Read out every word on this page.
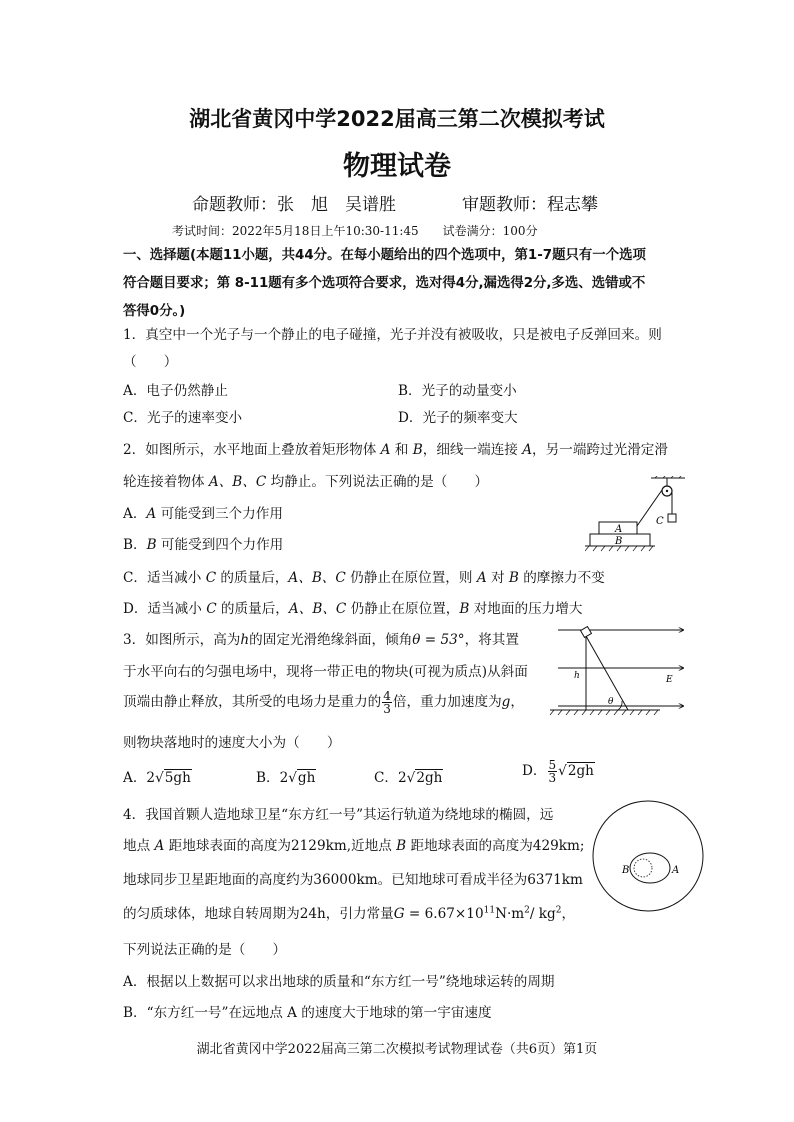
湖北省黄冈中学2022届高三第二次模拟考试
物理试卷
命题教师：张　旭　吴谱胜	审题教师：程志攀
考试时间：2022年5月18日上午10:30-11:45　　试卷满分：100分
一、选择题(本题11小题，共44分。在每小题给出的四个选项中，第1-7题只有一个选项
符合题目要求；第 8-11题有多个选项符合要求，选对得4分,漏选得2分,多选、选错或不
答得0分。)
1．真空中一个光子与一个静止的电子碰撞，光子并没有被吸收，只是被电子反弹回来。则
（　　）
A．电子仍然静止	B．光子的动量变小
C．光子的速率变小	D．光子的频率变大
2．如图所示，水平地面上叠放着矩形物体 A 和 B，细线一端连接 A，另一端跨过光滑定滑
轮连接着物体 A、B、C 均静止。下列说法正确的是（　　）
A．A 可能受到三个力作用
B．B 可能受到四个力作用
C．适当减小 C 的质量后，A、B、C 仍静止在原位置，则 A 对 B 的摩擦力不变
D．适当减小 C 的质量后，A、B、C 仍静止在原位置，B 对地面的压力增大
A
B
C
3．如图所示，高为h的固定光滑绝缘斜面，倾角θ = 53°，将其置
于水平向右的匀强电场中，现将一带正电的物块(可视为质点)从斜面
顶端由静止释放，其所受的电场力是重力的 $\frac{4}{3}$ 倍，重力加速度为g，
则物块落地时的速度大小为（　　）
A．2√5gh	B．2√gh	C．2√2gh	D． $\frac{5}{3} √2gh$
h
θ
E
4．我国首颗人造地球卫星“东方红一号”其运行轨道为绕地球的椭圆，远
地点 A 距地球表面的高度为2129km,近地点 B 距地球表面的高度为429km;
地球同步卫星距地面的高度约为36000km。已知地球可看成半径为6371km
的匀质球体，地球自转周期为24h，引力常量$G = 6.67\times 10^{11}N\cdot m^2/$ $kg^2$，
下列说法正确的是（　　）
A．根据以上数据可以求出地球的质量和“东方红一号”绕地球运转的周期
B．“东方红一号”在远地点 A 的速度大于地球的第一宇宙速度
B	A
湖北省黄冈中学2022届高三第二次模拟考试物理试卷（共6页）第1页
